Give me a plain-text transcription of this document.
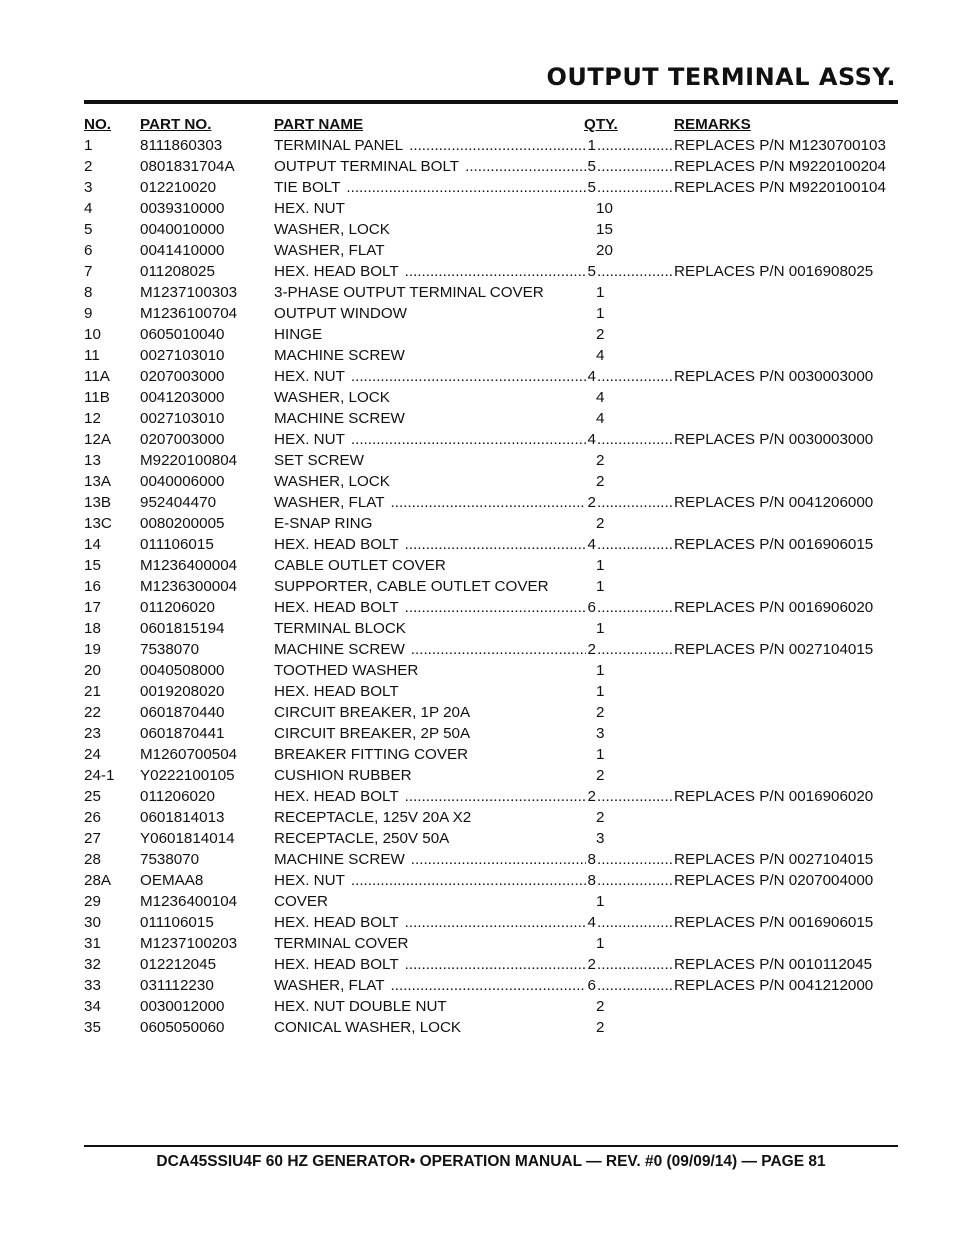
OUTPUT TERMINAL ASSY.
NO. PART NO.	PART NAME	QTY.	REMARKS
1	8111860303	TERMINAL PANEL .....	1 .....	REPLACES P/N M1230700103
2	0801831704A	OUTPUT TERMINAL BOLT .....	5 .....	REPLACES P/N M9220100204
3	012210020	TIE BOLT .....	5 .....	REPLACES P/N M9220100104
4	0039310000	HEX. NUT	10
5	0040010000	WASHER, LOCK	15
6	0041410000	WASHER, FLAT	20
7	011208025	HEX. HEAD BOLT .....	5 .....	REPLACES P/N 0016908025
8	M1237100303 3-PHASE OUTPUT TERMINAL COVER	1
9	M1236100704 OUTPUT WINDOW	1
10	0605010040	HINGE	2
11	0027103010	MACHINE SCREW	4
11A 0207003000	HEX. NUT .....	4 .....	REPLACES P/N 0030003000
11B 0041203000	WASHER, LOCK	4
12	0027103010	MACHINE SCREW	4
12A 0207003000	HEX. NUT .....	4 .....	REPLACES P/N 0030003000
13	M9220100804 SET SCREW	2
13A 0040006000	WASHER, LOCK	2
13B 952404470	WASHER, FLAT .....	2 .....	REPLACES P/N 0041206000
13C 0080200005	E-SNAP RING	2
14	011106015	HEX. HEAD BOLT .....	4 .....	REPLACES P/N 0016906015
15	M1236400004 CABLE OUTLET COVER	1
16	M1236300004 SUPPORTER, CABLE OUTLET COVER	1
17	011206020	HEX. HEAD BOLT .....	6 .....	REPLACES P/N 0016906020
18	0601815194	TERMINAL BLOCK	1
19	7538070	MACHINE SCREW .....	2 .....	REPLACES P/N 0027104015
20	0040508000	TOOTHED WASHER	1
21	0019208020	HEX. HEAD BOLT	1
22	0601870440	CIRCUIT BREAKER, 1P 20A	2
23	0601870441	CIRCUIT BREAKER, 2P 50A	3
24	M1260700504 BREAKER FITTING COVER	1
24-1 Y0222100105	CUSHION RUBBER	2
25	011206020	HEX. HEAD BOLT .....	2 .....	REPLACES P/N 0016906020
26	0601814013	RECEPTACLE, 125V 20A X2	2
27	Y0601814014	RECEPTACLE, 250V 50A	3
28	7538070	MACHINE SCREW .....	8 .....	REPLACES P/N 0027104015
28A OEMAA8	HEX. NUT .....	8 .....	REPLACES P/N 0207004000
29	M1236400104 COVER	1
30	011106015	HEX. HEAD BOLT .....	4 .....	REPLACES P/N 0016906015
31	M1237100203 TERMINAL COVER	1
32	012212045	HEX. HEAD BOLT .....	2 .....	REPLACES P/N 0010112045
33	031112230	WASHER, FLAT .....	6 .....	REPLACES P/N 0041212000
34	0030012000	HEX. NUT DOUBLE NUT	2
35	0605050060	CONICAL WASHER, LOCK	2
DCA45SSIU4F 60 HZ GENERATOR• OPERATION MANUAL — REV. #0 (09/09/14) — PAGE 81
